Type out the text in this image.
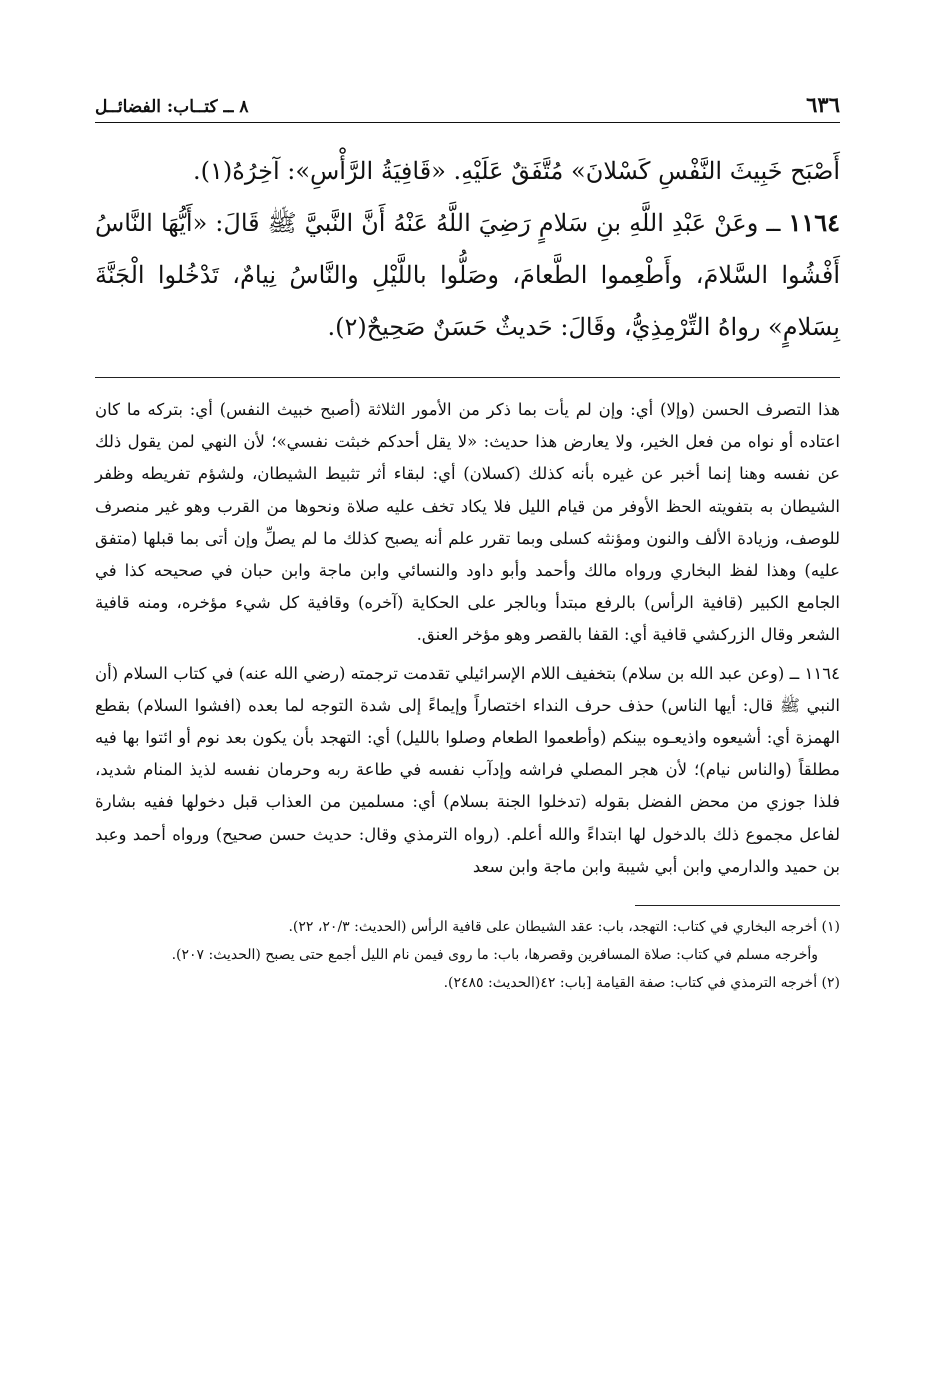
٦٣٦
٨ ــ كتــاب: الفضائــل

أَصْبَح خَبِيثَ النَّفْسِ كَسْلانَ» مُتَّفَقٌ عَلَيْهِ. «قَافِيَةُ الرَّأْسِ»: آخِرُهُ(١).

١١٦٤ ــ وعَنْ عَبْدِ اللَّهِ بنِ سَلامٍ رَضِيَ اللَّهُ عَنْهُ أَنَّ النَّبيَّ ﷺ قَالَ: «أَيُّهَا النَّاسُ أَفْشُوا السَّلامَ، وأَطْعِموا الطَّعامَ، وصَلُّوا باللَّيْلِ والنَّاسُ نِيامٌ، تَدْخُلوا الْجَنَّةَ بِسَلامٍ» رواهُ التِّرْمِذِيُّ، وقَالَ: حَديثٌ حَسَنٌ صَحِيحٌ(٢).

هذا التصرف الحسن (وإلا) أي: وإن لم يأت بما ذكر من الأمور الثلاثة (أصبح خبيث النفس) أي: بتركه ما كان اعتاده أو نواه من فعل الخير، ولا يعارض هذا حديث: «لا يقل أحدكم خبثت نفسي»؛ لأن النهي لمن يقول ذلك عن نفسه وهنا إنما أخبر عن غيره بأنه كذلك (كسلان) أي: لبقاء أثر تثبيط الشيطان، ولشؤم تفريطه وظفر الشيطان به بتفويته الحظ الأوفر من قيام الليل فلا يكاد تخف عليه صلاة ونحوها من القرب وهو غير منصرف للوصف، وزيادة الألف والنون ومؤنثه كسلى وبما تقرر علم أنه يصبح كذلك ما لم يصلِّ وإن أتى بما قبلها (متفق عليه) وهذا لفظ البخاري ورواه مالك وأحمد وأبو داود والنسائي وابن ماجة وابن حبان في صحيحه كذا في الجامع الكبير (قافية الرأس) بالرفع مبتدأ وبالجر على الحكاية (آخره) وقافية كل شيء مؤخره، ومنه قافية الشعر وقال الزركشي قافية أي: القفا بالقصر وهو مؤخر العنق.

١١٦٤ ــ (وعن عبد الله بن سلام) بتخفيف اللام الإسرائيلي تقدمت ترجمته (رضي الله عنه) في كتاب السلام (أن النبي ﷺ قال: أيها الناس) حذف حرف النداء اختصاراً وإيماءً إلى شدة التوجه لما بعده (افشوا السلام) بقطع الهمزة أي: أشيعوه واذيعـوه بينكم (وأطعموا الطعام وصلوا بالليل) أي: التهجد بأن يكون بعد نوم أو ائتوا بها فيه مطلقاً (والناس نيام)؛ لأن هجر المصلي فراشه وإدآب نفسه في طاعة ربه وحرمان نفسه لذيذ المنام شديد، فلذا جوزي من محض الفضل بقوله (تدخلوا الجنة بسلام) أي: مسلمين من العذاب قبل دخولها ففيه بشارة لفاعل مجموع ذلك بالدخول لها ابتداءً والله أعلم. (رواه الترمذي وقال: حديث حسن صحيح) ورواه أحمد وعبد بن حميد والدارمي وابن أبي شيبة وابن ماجة وابن سعد

(١) أخرجه البخاري في كتاب: التهجد، باب: عقد الشيطان على قافية الرأس (الحديث: ٢٠/٣، ٢٢).

وأخرجه مسلم في كتاب: صلاة المسافرين وقصرها، باب: ما روى فيمن نام الليل أجمع حتى يصبح (الحديث: ٢٠٧).

(٢) أخرجه الترمذي في كتاب: صفة القيامة [باب: ٤٢(الحديث: ٢٤٨٥).
